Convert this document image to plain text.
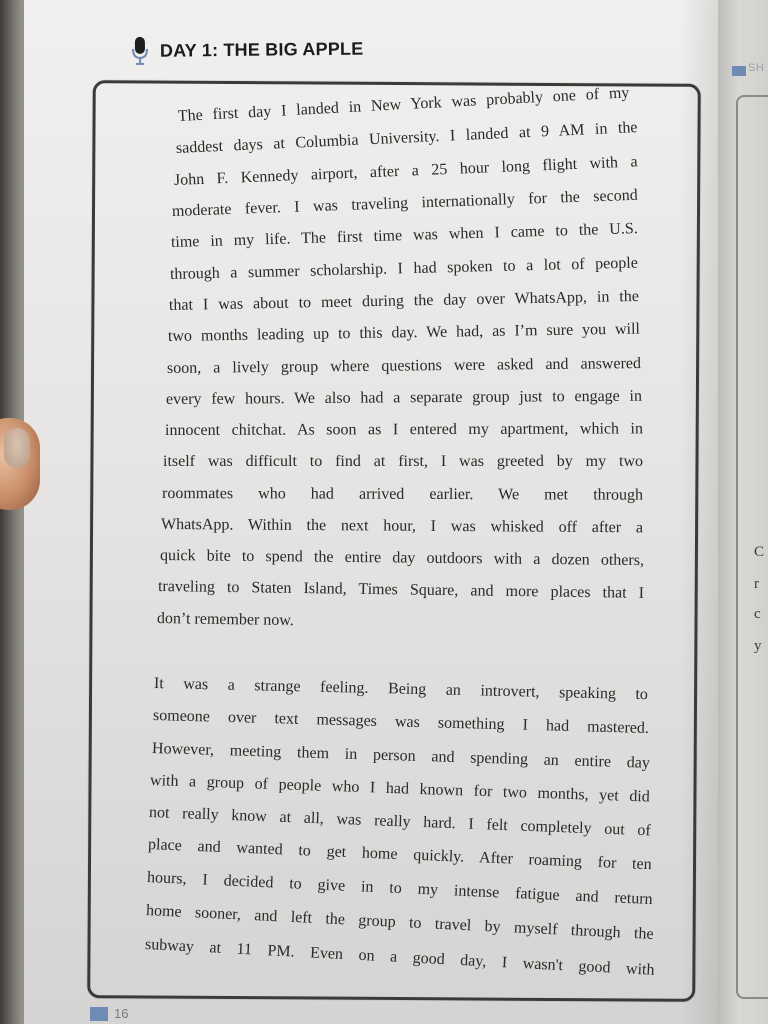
SH
C
r
c
y
DAY 1: THE BIG APPLE
The first day I landed in New York was probably one of my
saddest days at Columbia University. I landed at 9 AM in the
John F. Kennedy airport, after a 25 hour long flight with a
moderate fever. I was traveling internationally for the second
time in my life. The first time was when I came to the U.S.
through a summer scholarship. I had spoken to a lot of people
that I was about to meet during the day over WhatsApp, in the
two months leading up to this day. We had, as I’m sure you will
soon, a lively group where questions were asked and answered
every few hours. We also had a separate group just to engage in
innocent chitchat. As soon as I entered my apartment, which in
itself was difficult to find at first, I was greeted by my two
roommates who had arrived earlier. We met through
WhatsApp. Within the next hour, I was whisked off after a
quick bite to spend the entire day outdoors with a dozen others,
traveling to Staten Island, Times Square, and more places that I
don’t remember now.
It was a strange feeling. Being an introvert, speaking to
someone over text messages was something I had mastered.
However, meeting them in person and spending an entire day
with a group of people who I had known for two months, yet did
not really know at all, was really hard. I felt completely out of
place and wanted to get home quickly. After roaming for ten
hours, I decided to give in to my intense fatigue and return
home sooner, and left the group to travel by myself through the
subway at 11 PM. Even on a good day, I wasn't good with
16
